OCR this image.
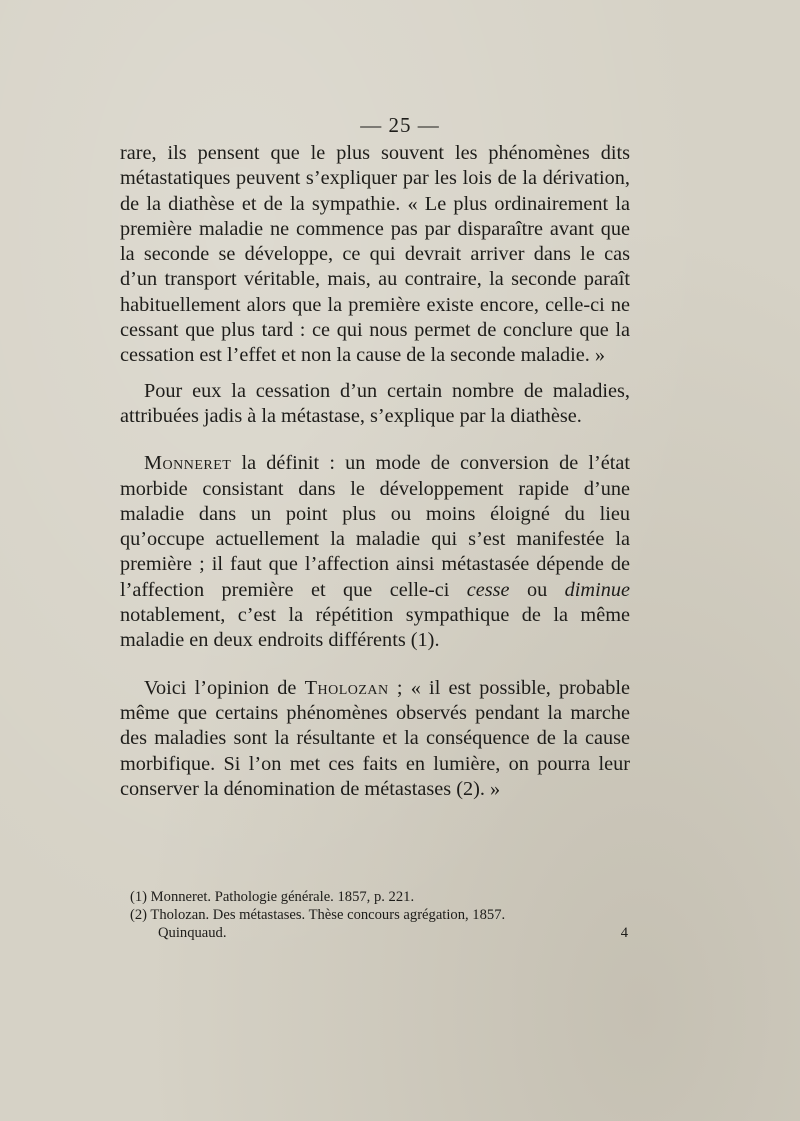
— 25 —

rare, ils pensent que le plus souvent les phénomènes dits métastatiques peuvent s’expliquer par les lois de la dérivation, de la diathèse et de la sympathie. « Le plus ordinairement la première maladie ne commence pas par disparaître avant que la seconde se développe, ce qui devrait arriver dans le cas d’un transport véritable, mais, au contraire, la seconde paraît habituellement alors que la première existe encore, celle-ci ne cessant que plus tard : ce qui nous permet de conclure que la cessation est l’effet et non la cause de la seconde maladie. »

Pour eux la cessation d’un certain nombre de maladies, attribuées jadis à la métastase, s’explique par la diathèse.

Monneret la définit : un mode de conversion de l’état morbide consistant dans le développement rapide d’une maladie dans un point plus ou moins éloigné du lieu qu’occupe actuellement la maladie qui s’est manifestée la première ; il faut que l’affection ainsi métastasée dépende de l’affection première et que celle-ci cesse ou diminue notablement, c’est la répétition sympathique de la même maladie en deux endroits différents (1).

Voici l’opinion de Tholozan ; « il est possible, probable même que certains phénomènes observés pendant la marche des maladies sont la résultante et la conséquence de la cause morbifique. Si l’on met ces faits en lumière, on pourra leur conserver la dénomination de métastases (2). »

(1) Monneret. Pathologie générale. 1857, p. 221.

(2) Tholozan. Des métastases. Thèse concours agrégation, 1857.

Quinquaud.	4
